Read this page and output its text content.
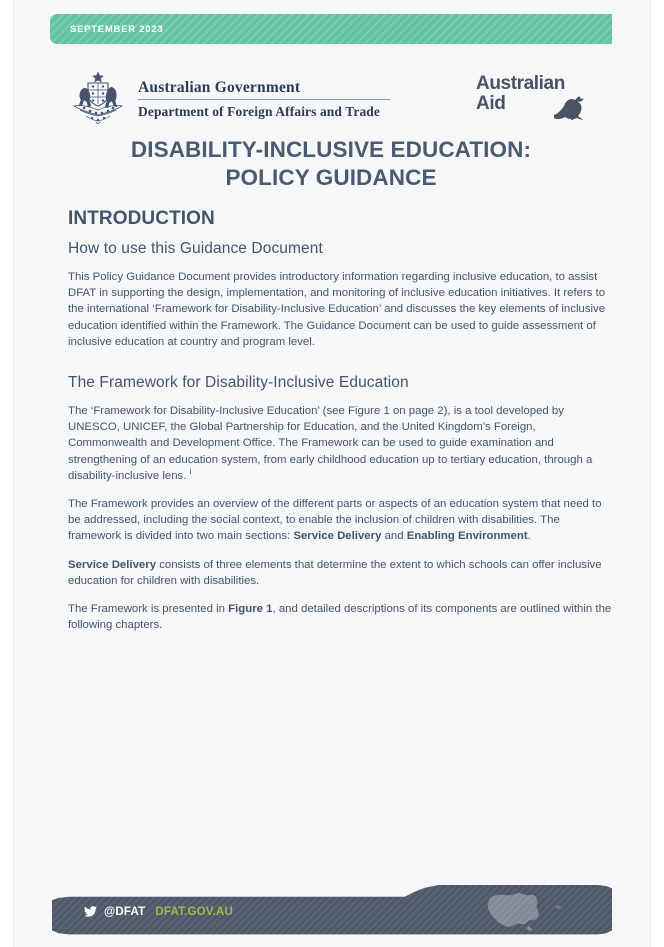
SEPTEMBER 2023
Australian Government
Department of Foreign Affairs and Trade
Australian
Aid
DISABILITY-INCLUSIVE EDUCATION:
POLICY GUIDANCE
INTRODUCTION
How to use this Guidance Document

This Policy Guidance Document provides introductory information regarding inclusive education, to assist DFAT in supporting the design, implementation, and monitoring of inclusive education initiatives. It refers to the international ‘Framework for Disability-Inclusive Education’ and discusses the key elements of inclusive education identified within the Framework. The Guidance Document can be used to guide assessment of inclusive education at country and program level.

The Framework for Disability-Inclusive Education

The ‘Framework for Disability-Inclusive Education’ (see Figure 1 on page 2), is a tool developed by UNESCO, UNICEF, the Global Partnership for Education, and the United Kingdom’s Foreign, Commonwealth and Development Office. The Framework can be used to guide examination and strengthening of an education system, from early childhood education up to tertiary education, through a disability-inclusive lens. $^i$

The Framework provides an overview of the different parts or aspects of an education system that need to be addressed, including the social context, to enable the inclusion of children with disabilities. The framework is divided into two main sections: Service Delivery and Enabling Environment.

Service Delivery consists of three elements that determine the extent to which schools can offer inclusive education for children with disabilities.

The Framework is presented in Figure 1, and detailed descriptions of its components are outlined within the following chapters.

@DFAT DFAT.GOV.AU
